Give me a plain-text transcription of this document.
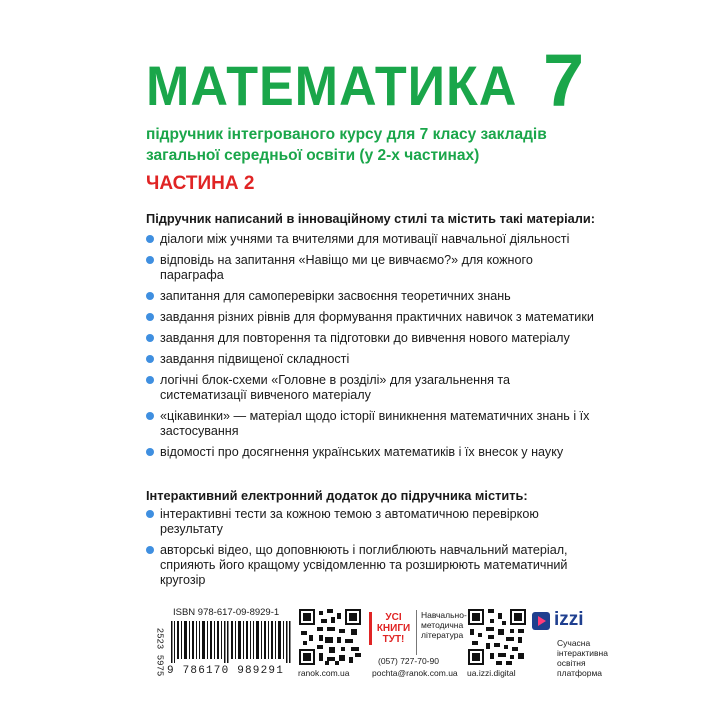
МАТЕМАТИКА 7

підручник інтегрованого курсу для 7 класу закладів загальної середньої освіти (у 2-х частинах)

ЧАСТИНА 2

Підручник написаний в інноваційному стилі та містить такі матеріали:

діалоги між учнями та вчителями для мотивації навчальної діяльності
відповідь на запитання «Навіщо ми це вивчаємо?» для кожного параграфа
запитання для самоперевірки засвоєння теоретичних знань
завдання різних рівнів для формування практичних навичок з математики
завдання для повторення та підготовки до вивчення нового матеріалу
завдання підвищеної складності
логічні блок-схеми «Головне в розділі» для узагальнення та систематизації вивченого матеріалу
«цікавинки» — матеріал щодо історії виникнення математичних знань і їх застосування
відомості про досягнення українських математиків і їх внесок у науку

Інтерактивний електронний додаток до підручника містить:

інтерактивні тести за кожною темою з автоматичною перевіркою результату
авторські відео, що доповнюють і поглиблюють навчальний матеріал, сприяють його кращому усвідомленню та розширюють математичний кругозір
ISBN 978-617-09-8929-1
9 786170 989291
2523 5975	ranok.com.ua
УСІ КНИГИ ТУТ!
Навчально-методична література
(057) 727-70-90
pochta@ranok.com.ua ua.izzi.digital
izzi
Сучасна інтерактивна освітня платформа
